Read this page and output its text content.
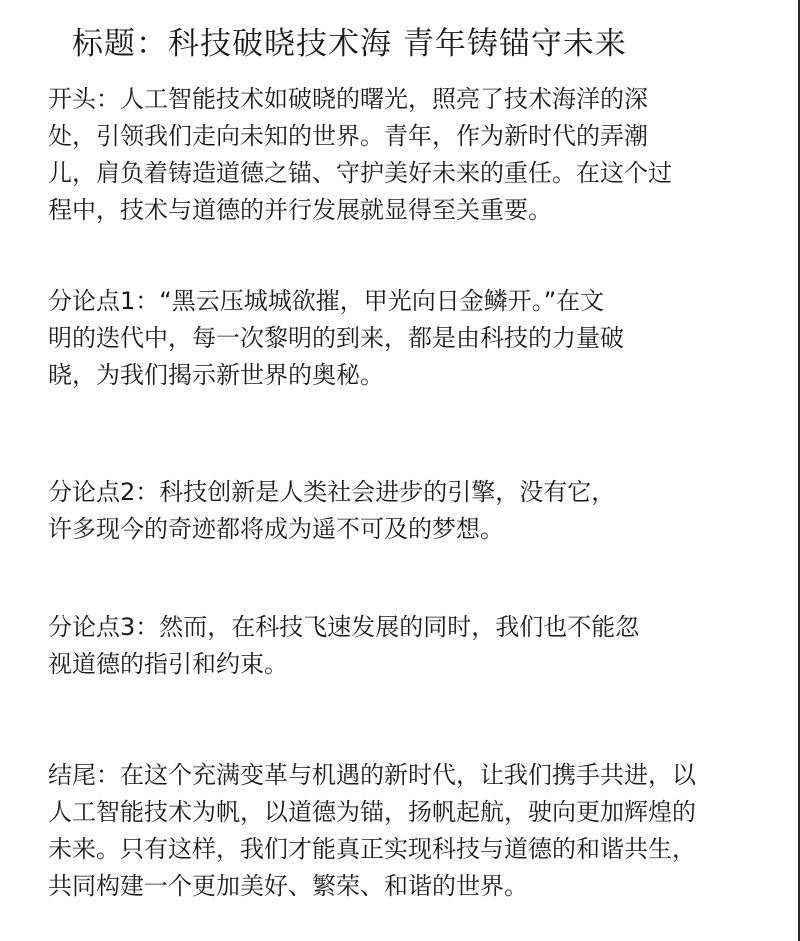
标题：科技破晓技术海 青年铸锚守未来

开头：人工智能技术如破晓的曙光，照亮了技术海洋的深
处，引领我们走向未知的世界。青年，作为新时代的弄潮
儿，肩负着铸造道德之锚、守护美好未来的重任。在这个过
程中，技术与道德的并行发展就显得至关重要。

分论点1：“黑云压城城欲摧，甲光向日金鳞开。”在文
明的迭代中，每一次黎明的到来，都是由科技的力量破
晓，为我们揭示新世界的奥秘。

分论点2：科技创新是人类社会进步的引擎，没有它，
许多现今的奇迹都将成为遥不可及的梦想。

分论点3：然而，在科技飞速发展的同时，我们也不能忽
视道德的指引和约束。

结尾：在这个充满变革与机遇的新时代，让我们携手共进，以
人工智能技术为帆，以道德为锚，扬帆起航，驶向更加辉煌的
未来。只有这样，我们才能真正实现科技与道德的和谐共生，
共同构建一个更加美好、繁荣、和谐的世界。
